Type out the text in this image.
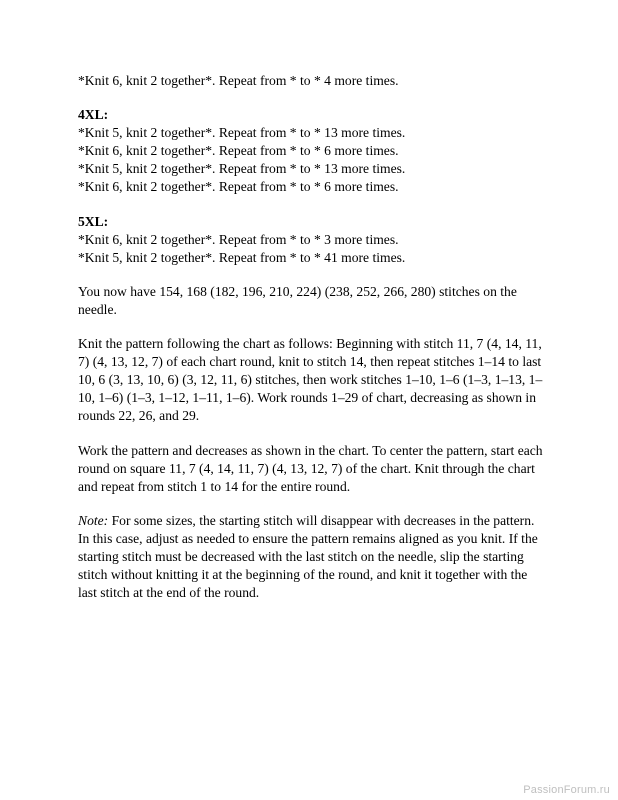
*Knit 6, knit 2 together*. Repeat from * to * 4 more times.
4XL:
*Knit 5, knit 2 together*. Repeat from * to * 13 more times.
*Knit 6, knit 2 together*. Repeat from * to * 6 more times.
*Knit 5, knit 2 together*. Repeat from * to * 13 more times.
*Knit 6, knit 2 together*. Repeat from * to * 6 more times.
5XL:
*Knit 6, knit 2 together*. Repeat from * to * 3 more times.
*Knit 5, knit 2 together*. Repeat from * to * 41 more times.
You now have 154, 168 (182, 196, 210, 224) (238, 252, 266, 280) stitches on the needle.
Knit the pattern following the chart as follows: Beginning with stitch 11, 7 (4, 14, 11, 7) (4, 13, 12, 7) of each chart round, knit to stitch 14, then repeat stitches 1–14 to last 10, 6 (3, 13, 10, 6) (3, 12, 11, 6) stitches, then work stitches 1–10, 1–6 (1–3, 1–13, 1–10, 1–6) (1–3, 1–12, 1–11, 1–6). Work rounds 1–29 of chart, decreasing as shown in rounds 22, 26, and 29.
Work the pattern and decreases as shown in the chart. To center the pattern, start each round on square 11, 7 (4, 14, 11, 7) (4, 13, 12, 7) of the chart. Knit through the chart and repeat from stitch 1 to 14 for the entire round.
Note: For some sizes, the starting stitch will disappear with decreases in the pattern. In this case, adjust as needed to ensure the pattern remains aligned as you knit. If the starting stitch must be decreased with the last stitch on the needle, slip the starting stitch without knitting it at the beginning of the round, and knit it together with the last stitch at the end of the round.
PassionForum.ru
